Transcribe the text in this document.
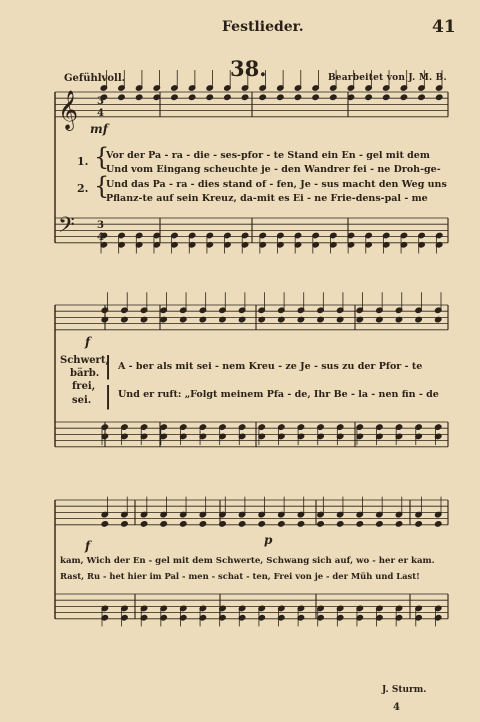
Festlieder.	41
38.
Gefühlvoll.	Bearbeitet von J. M. B.
𝄞
𝄢
3
4
3
4
mf
f
f	p
1.
2.
{
{
Vor der Pa - ra - die - ses-pfor - te Stand ein En - gel mit dem
Und vom Eingang scheuchte je - den Wandrer fei - ne Droh-ge-
Und das Pa - ra - dies stand of - fen, Je - sus macht den Weg uns
Pflanz-te auf sein Kreuz, da-mit es Ei - ne Frie-dens-pal - me
Schwert,
bärb.
frei,
sei.
|
|
A - ber als mit sei - nem Kreu - ze Je - sus zu der Pfor - te
Und er ruft: „Folgt meinem Pfa - de, Ihr Be - la - nen fin - de
kam, Wich der En - gel mit dem Schwerte, Schwang sich auf, wo - her er kam.
Rast, Ru - het hier im Pal - men - schat - ten, Frei von je - der Müh und Last!
J. Sturm.
4
